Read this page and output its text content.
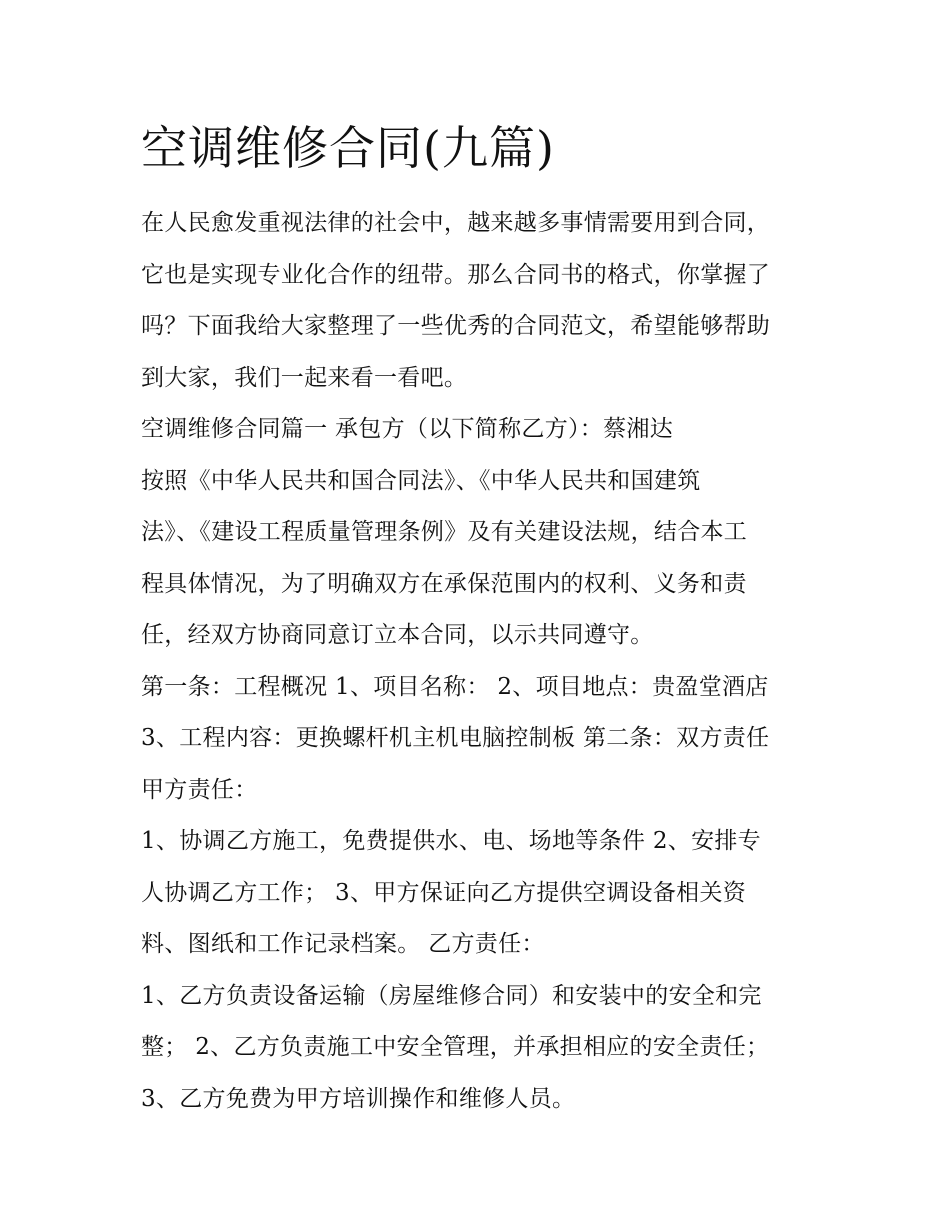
空调维修合同(九篇)

在人民愈发重视法律的社会中，越来越多事情需要用到合同，

它也是实现专业化合作的纽带。那么合同书的格式，你掌握了

吗？下面我给大家整理了一些优秀的合同范文，希望能够帮助

到大家，我们一起来看一看吧。

空调维修合同篇一 承包方（以下简称乙方）：蔡湘达

按照《中华人民共和国合同法》、《中华人民共和国建筑

法》、《建设工程质量管理条例》及有关建设法规，结合本工

程具体情况，为了明确双方在承保范围内的权利、义务和责

任，经双方协商同意订立本合同，以示共同遵守。

第一条：工程概况 1、项目名称： 2、项目地点：贵盈堂酒店

3、工程内容：更换螺杆机主机电脑控制板 第二条：双方责任

甲方责任：

1、协调乙方施工，免费提供水、电、场地等条件 2、安排专

人协调乙方工作； 3、甲方保证向乙方提供空调设备相关资

料、图纸和工作记录档案。 乙方责任：

1、乙方负责设备运输（房屋维修合同）和安装中的安全和完

整； 2、乙方负责施工中安全管理，并承担相应的安全责任；

3、乙方免费为甲方培训操作和维修人员。
